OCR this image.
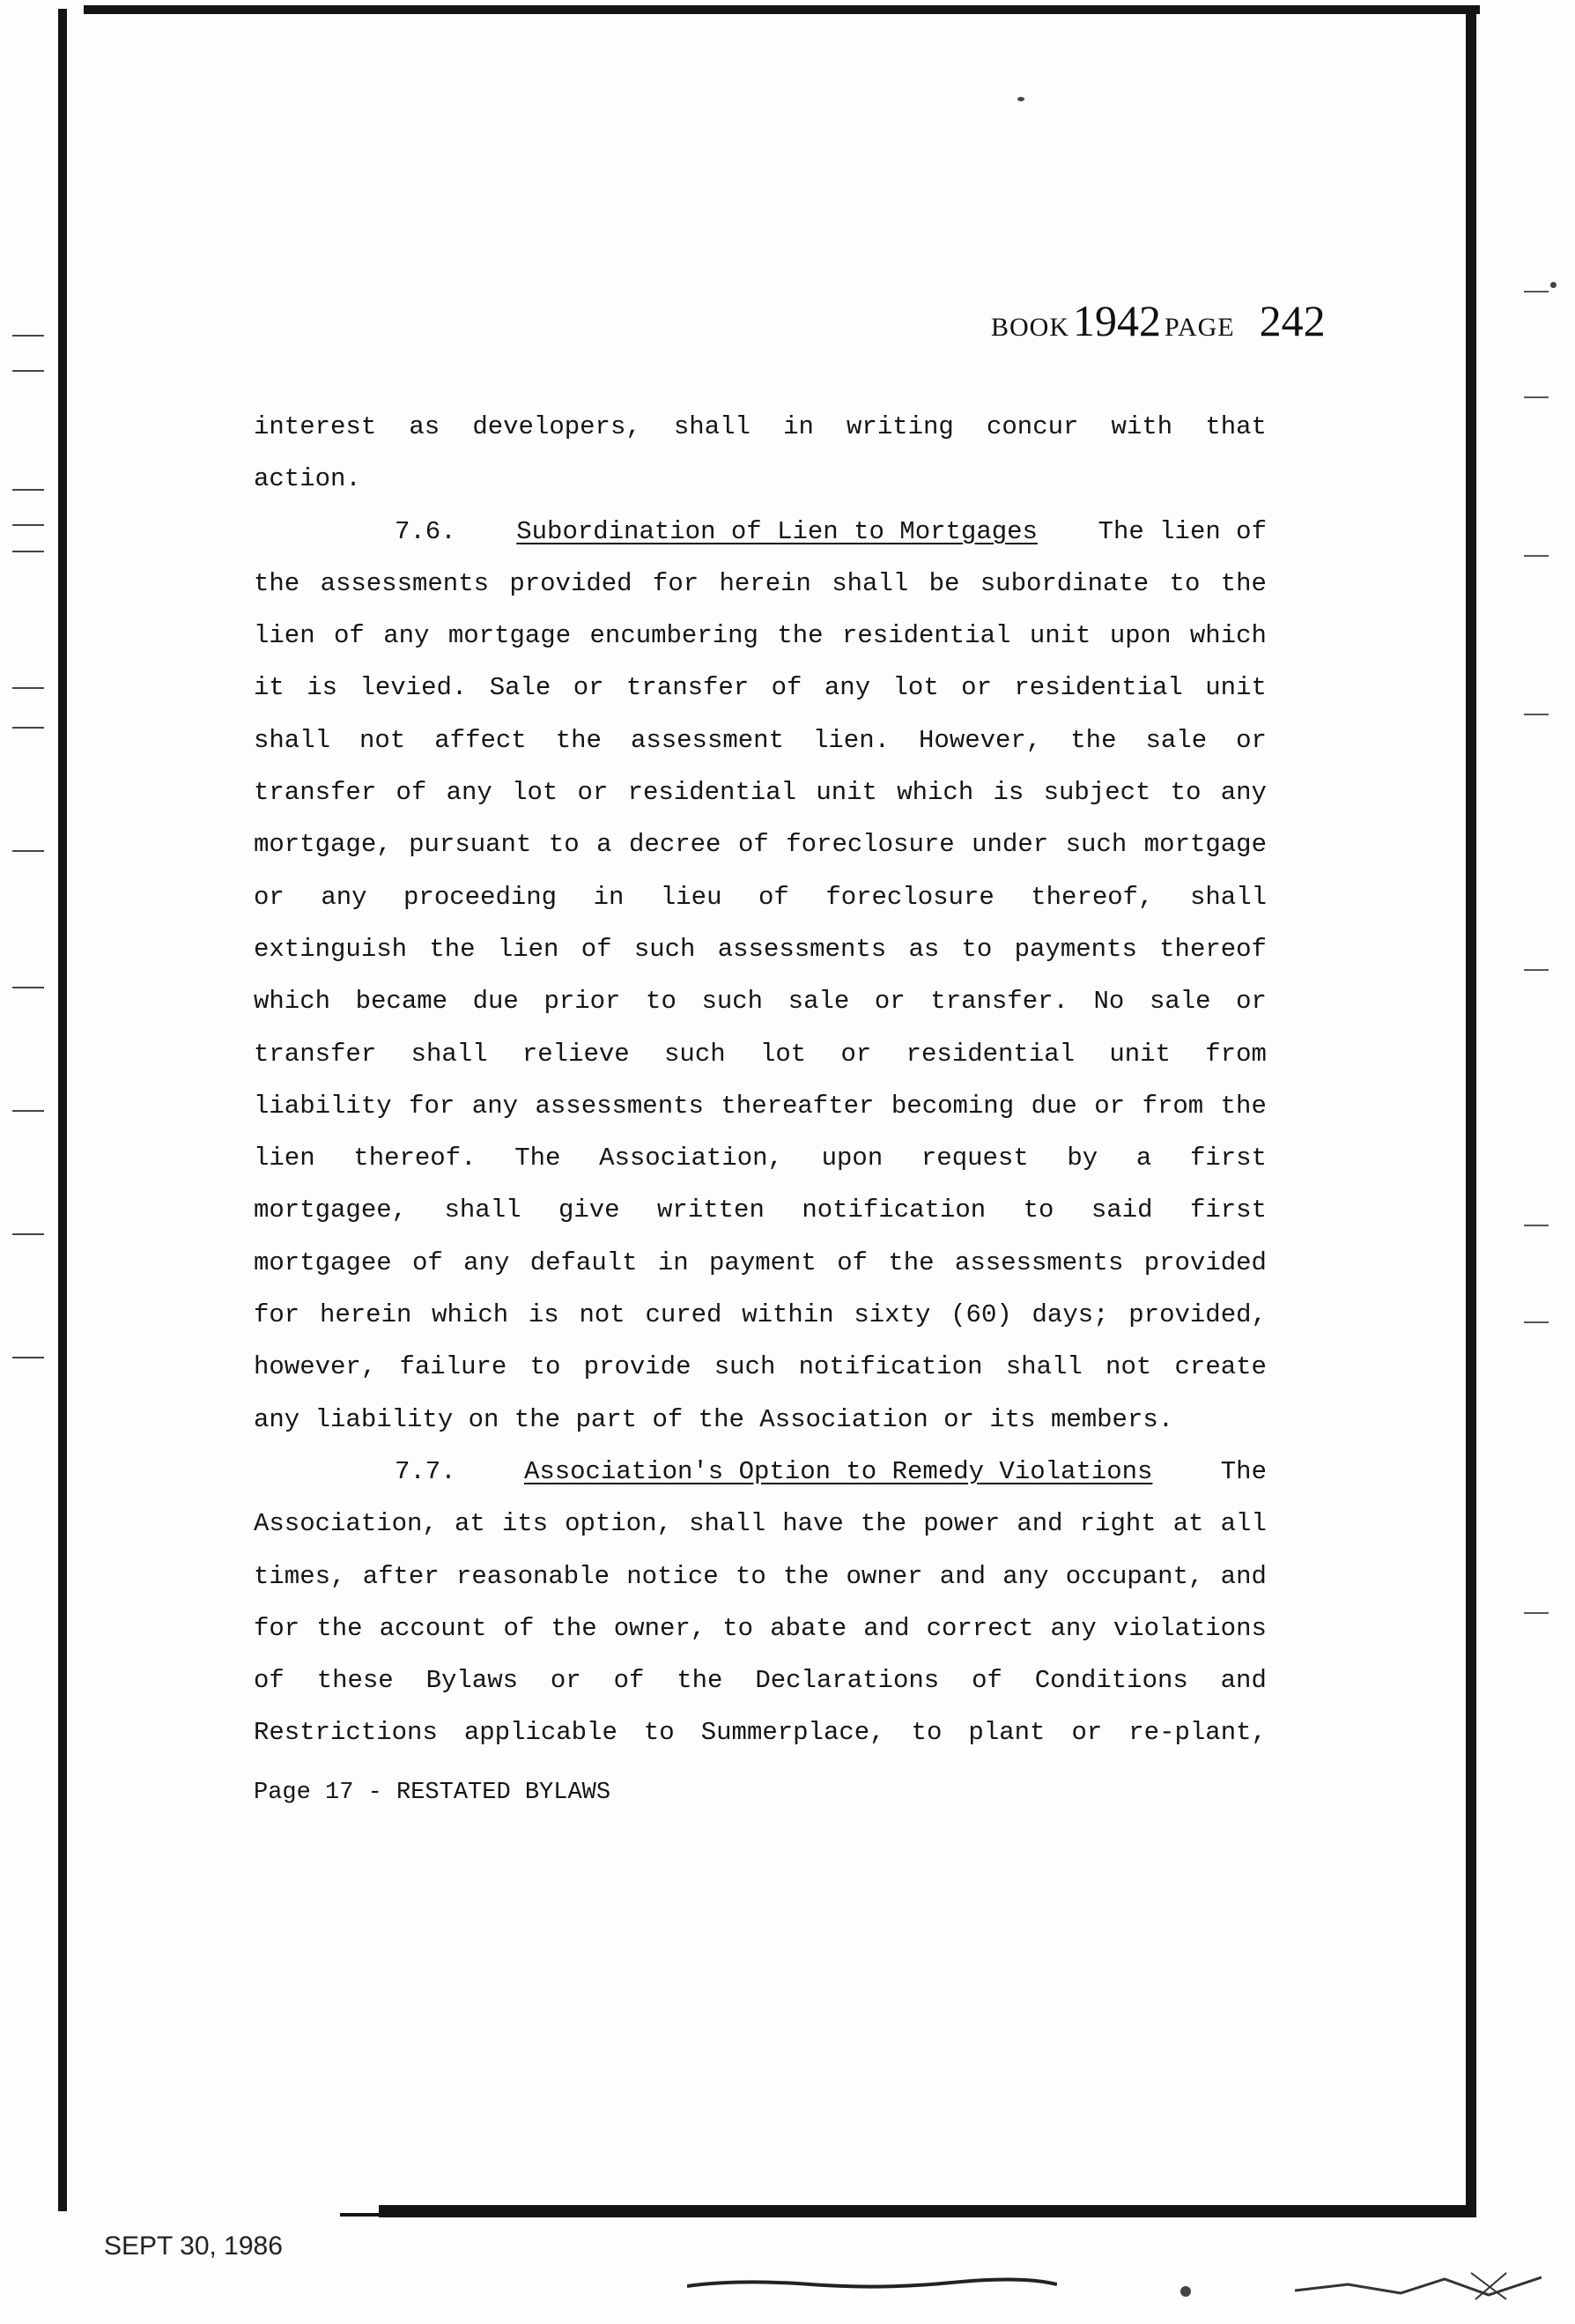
BOOK1942 PAGE 242
interest as developers, shall in writing concur with that
action.
7.6. Subordination of Lien to Mortgages The lien of
the assessments provided for herein shall be subordinate to the
lien of any mortgage encumbering the residential unit upon which
it is levied. Sale or transfer of any lot or residential unit
shall not affect the assessment lien. However, the sale or
transfer of any lot or residential unit which is subject to any
mortgage, pursuant to a decree of foreclosure under such mortgage
or any proceeding in lieu of foreclosure thereof, shall
extinguish the lien of such assessments as to payments thereof
which became due prior to such sale or transfer. No sale or
transfer shall relieve such lot or residential unit from
liability for any assessments thereafter becoming due or from the
lien thereof. The Association, upon request by a first
mortgagee, shall give written notification to said first
mortgagee of any default in payment of the assessments provided
for herein which is not cured within sixty (60) days; provided,
however, failure to provide such notification shall not create
any liability on the part of the Association or its members.
7.7.	Association's Option to Remedy Violations	The
Association, at its option, shall have the power and right at all
times, after reasonable notice to the owner and any occupant, and
for the account of the owner, to abate and correct any violations
of these Bylaws or of the Declarations of Conditions and
Restrictions applicable to Summerplace, to plant or re-plant,
Page 17 - RESTATED BYLAWS
SEPT 30, 1986
